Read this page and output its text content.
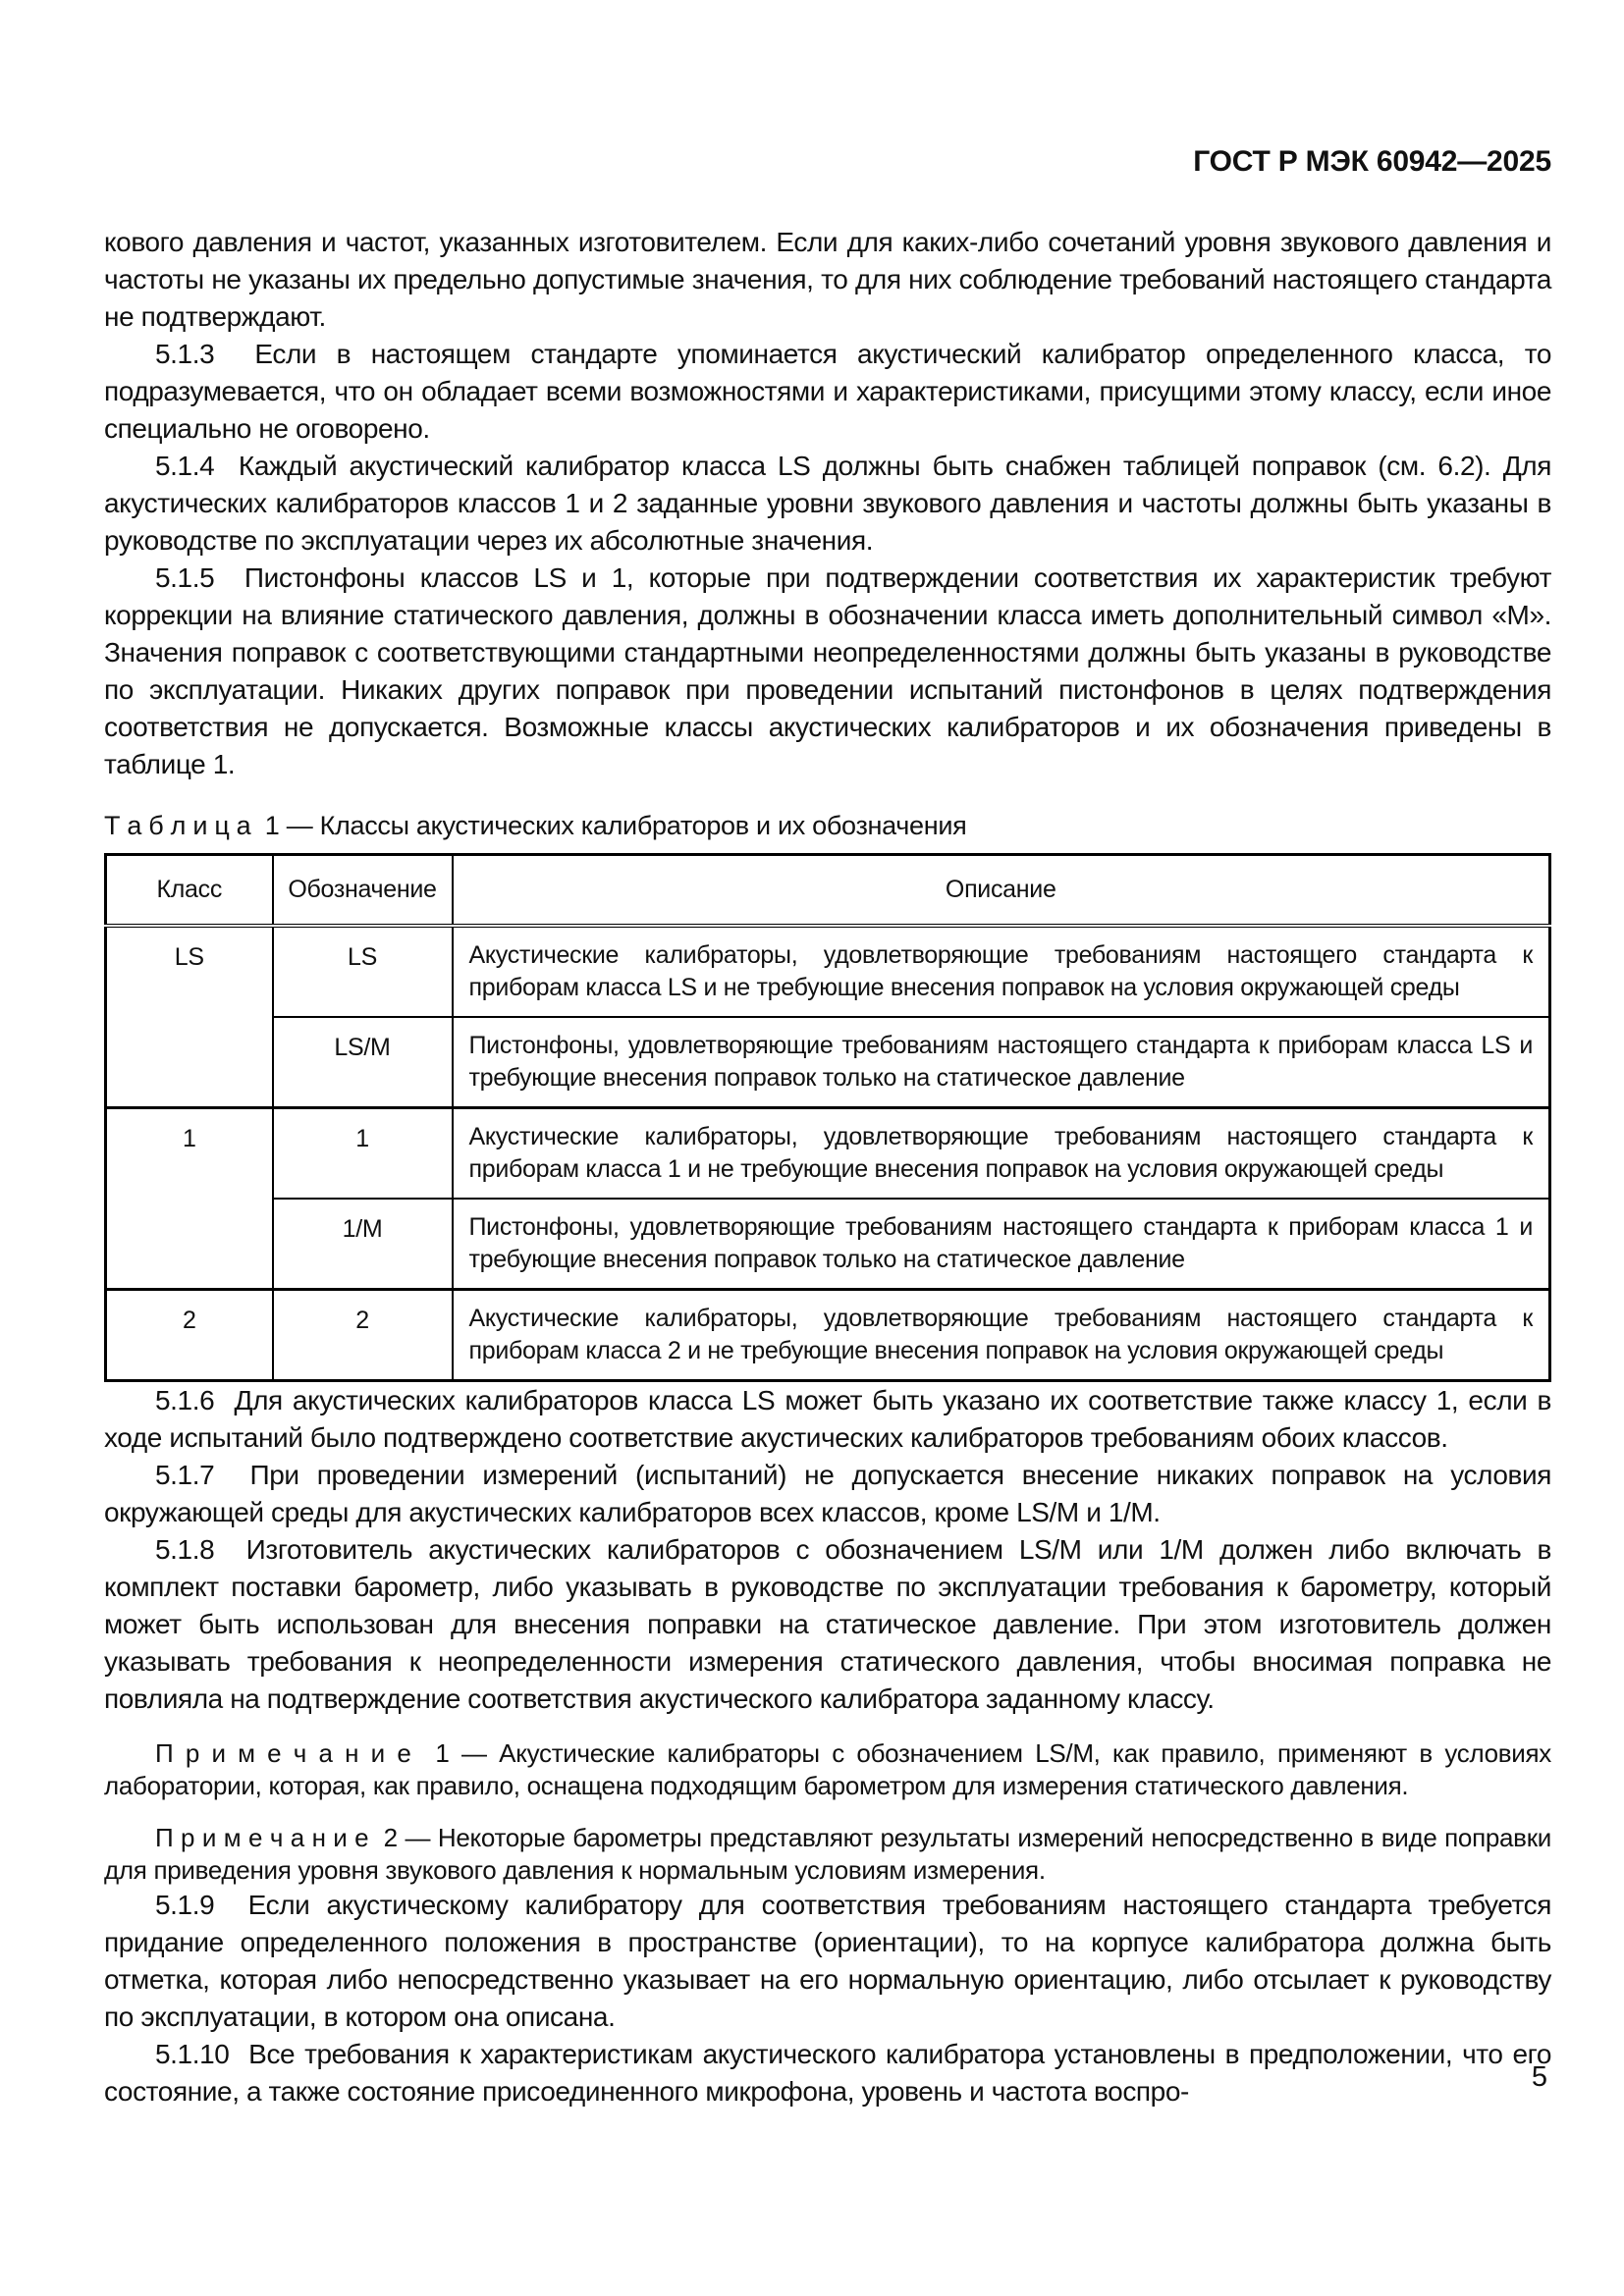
ГОСТ Р МЭК 60942—2025

кового давления и частот, указанных изготовителем. Если для каких-либо сочетаний уровня звукового давления и частоты не указаны их предельно допустимые значения, то для них соблюдение требований настоящего стандарта не подтверждают.

5.1.3  Если в настоящем стандарте упоминается акустический калибратор определенного класса, то подразумевается, что он обладает всеми возможностями и характеристиками, присущими этому классу, если иное специально не оговорено.

5.1.4  Каждый акустический калибратор класса LS должны быть снабжен таблицей поправок (см. 6.2). Для акустических калибраторов классов 1 и 2 заданные уровни звукового давления и частоты должны быть указаны в руководстве по эксплуатации через их абсолютные значения.

5.1.5  Пистонфоны классов LS и 1, которые при подтверждении соответствия их характеристик требуют коррекции на влияние статического давления, должны в обозначении класса иметь дополнительный символ «М». Значения поправок с соответствующими стандартными неопределенностями должны быть указаны в руководстве по эксплуатации. Никаких других поправок при проведении испытаний пистонфонов в целях подтверждения соответствия не допускается. Возможные классы акустических калибраторов и их обозначения приведены в таблице 1.

Т а б л и ц а  1 — Классы акустических калибраторов и их обозначения
Класс	Обозначение	Описание
LS	LS	Акустические калибраторы, удовлетворяющие требованиям настоящего стандарта к приборам класса LS и не требующие внесения поправок на условия окружающей среды
	LS/M	Пистонфоны, удовлетворяющие требованиям настоящего стандарта к приборам класса LS и требующие внесения поправок только на статическое давление
1	1	Акустические калибраторы, удовлетворяющие требованиям настоящего стандарта к приборам класса 1 и не требующие внесения поправок на условия окружающей среды
	1/M	Пистонфоны, удовлетворяющие требованиям настоящего стандарта к приборам класса 1 и требующие внесения поправок только на статическое давление
2	2	Акустические калибраторы, удовлетворяющие требованиям настоящего стандарта к приборам класса 2 и не требующие внесения поправок на условия окружающей среды

5.1.6  Для акустических калибраторов класса LS может быть указано их соответствие также классу 1, если в ходе испытаний было подтверждено соответствие акустических калибраторов требованиям обоих классов.

5.1.7  При проведении измерений (испытаний) не допускается внесение никаких поправок на условия окружающей среды для акустических калибраторов всех классов, кроме LS/M и 1/M.

5.1.8  Изготовитель акустических калибраторов с обозначением LS/M или 1/M должен либо включать в комплект поставки барометр, либо указывать в руководстве по эксплуатации требования к барометру, который может быть использован для внесения поправки на статическое давление. При этом изготовитель должен указывать требования к неопределенности измерения статического давления, чтобы вносимая поправка не повлияла на подтверждение соответствия акустического калибратора заданному классу.

П р и м е ч а н и е  1 — Акустические калибраторы с обозначением LS/M, как правило, применяют в условиях лаборатории, которая, как правило, оснащена подходящим барометром для измерения статического давления.

П р и м е ч а н и е  2 — Некоторые барометры представляют результаты измерений непосредственно в виде поправки для приведения уровня звукового давления к нормальным условиям измерения.

5.1.9  Если акустическому калибратору для соответствия требованиям настоящего стандарта требуется придание определенного положения в пространстве (ориентации), то на корпусе калибратора должна быть отметка, которая либо непосредственно указывает на его нормальную ориентацию, либо отсылает к руководству по эксплуатации, в котором она описана.

5.1.10  Все требования к характеристикам акустического калибратора установлены в предположении, что его состояние, а также состояние присоединенного микрофона, уровень и частота воспро-	5
